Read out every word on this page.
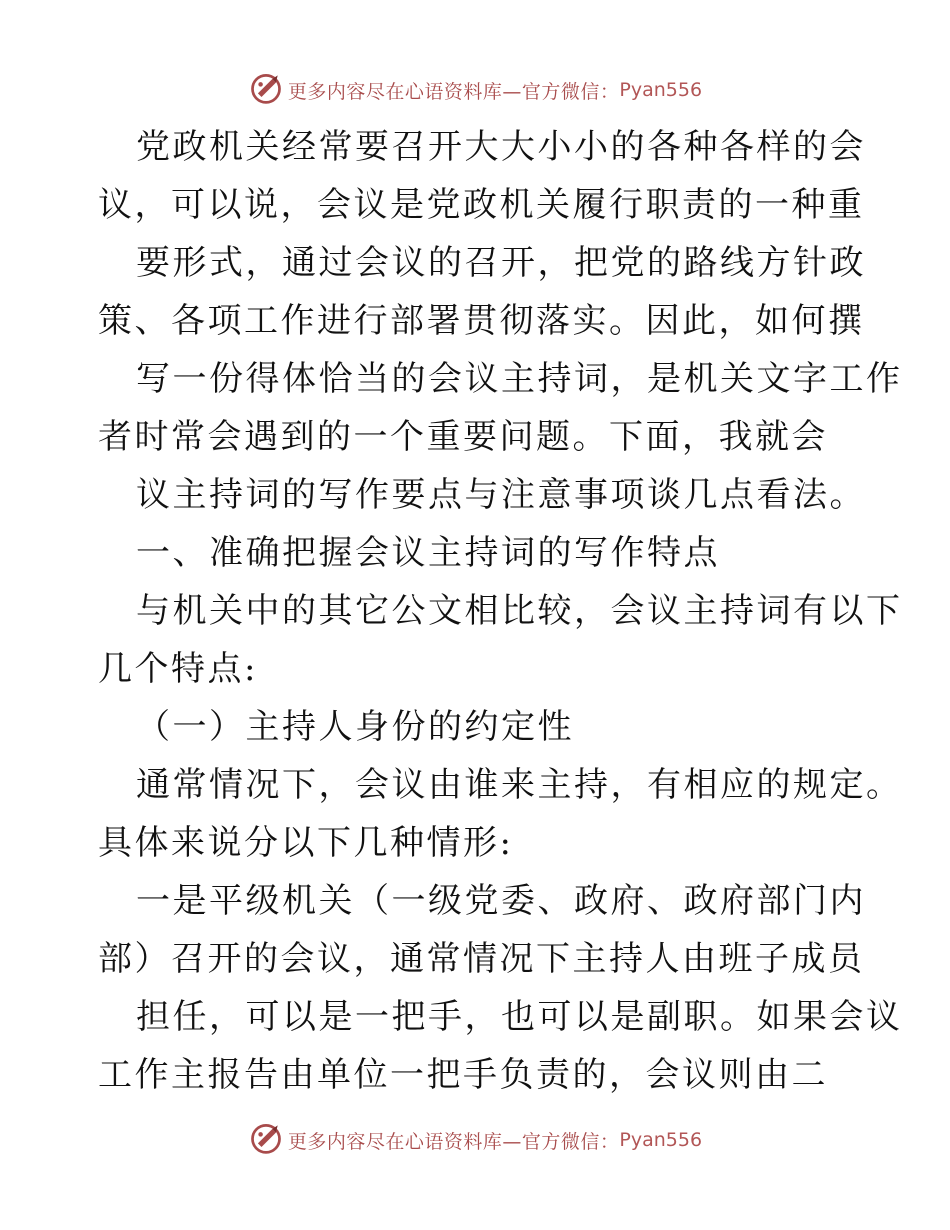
更多内容尽在心语资料库—官方微信： Pyan556
党政机关经常要召开大大小小的各种各样的会
议，可以说，会议是党政机关履行职责的一种重
要形式，通过会议的召开，把党的路线方针政
策、各项工作进行部署贯彻落实。因此，如何撰
写一份得体恰当的会议主持词，是机关文字工作
者时常会遇到的一个重要问题。下面，我就会
议主持词的写作要点与注意事项谈几点看法。
一、准确把握会议主持词的写作特点
与机关中的其它公文相比较，会议主持词有以下
几个特点:
（一）主持人身份的约定性
通常情况下，会议由谁来主持，有相应的规定。
具体来说分以下几种情形:
一是平级机关（一级党委、政府、政府部门内
部）召开的会议，通常情况下主持人由班子成员
担任，可以是一把手，也可以是副职。如果会议
工作主报告由单位一把手负责的，会议则由二
更多内容尽在心语资料库—官方微信： Pyan556
